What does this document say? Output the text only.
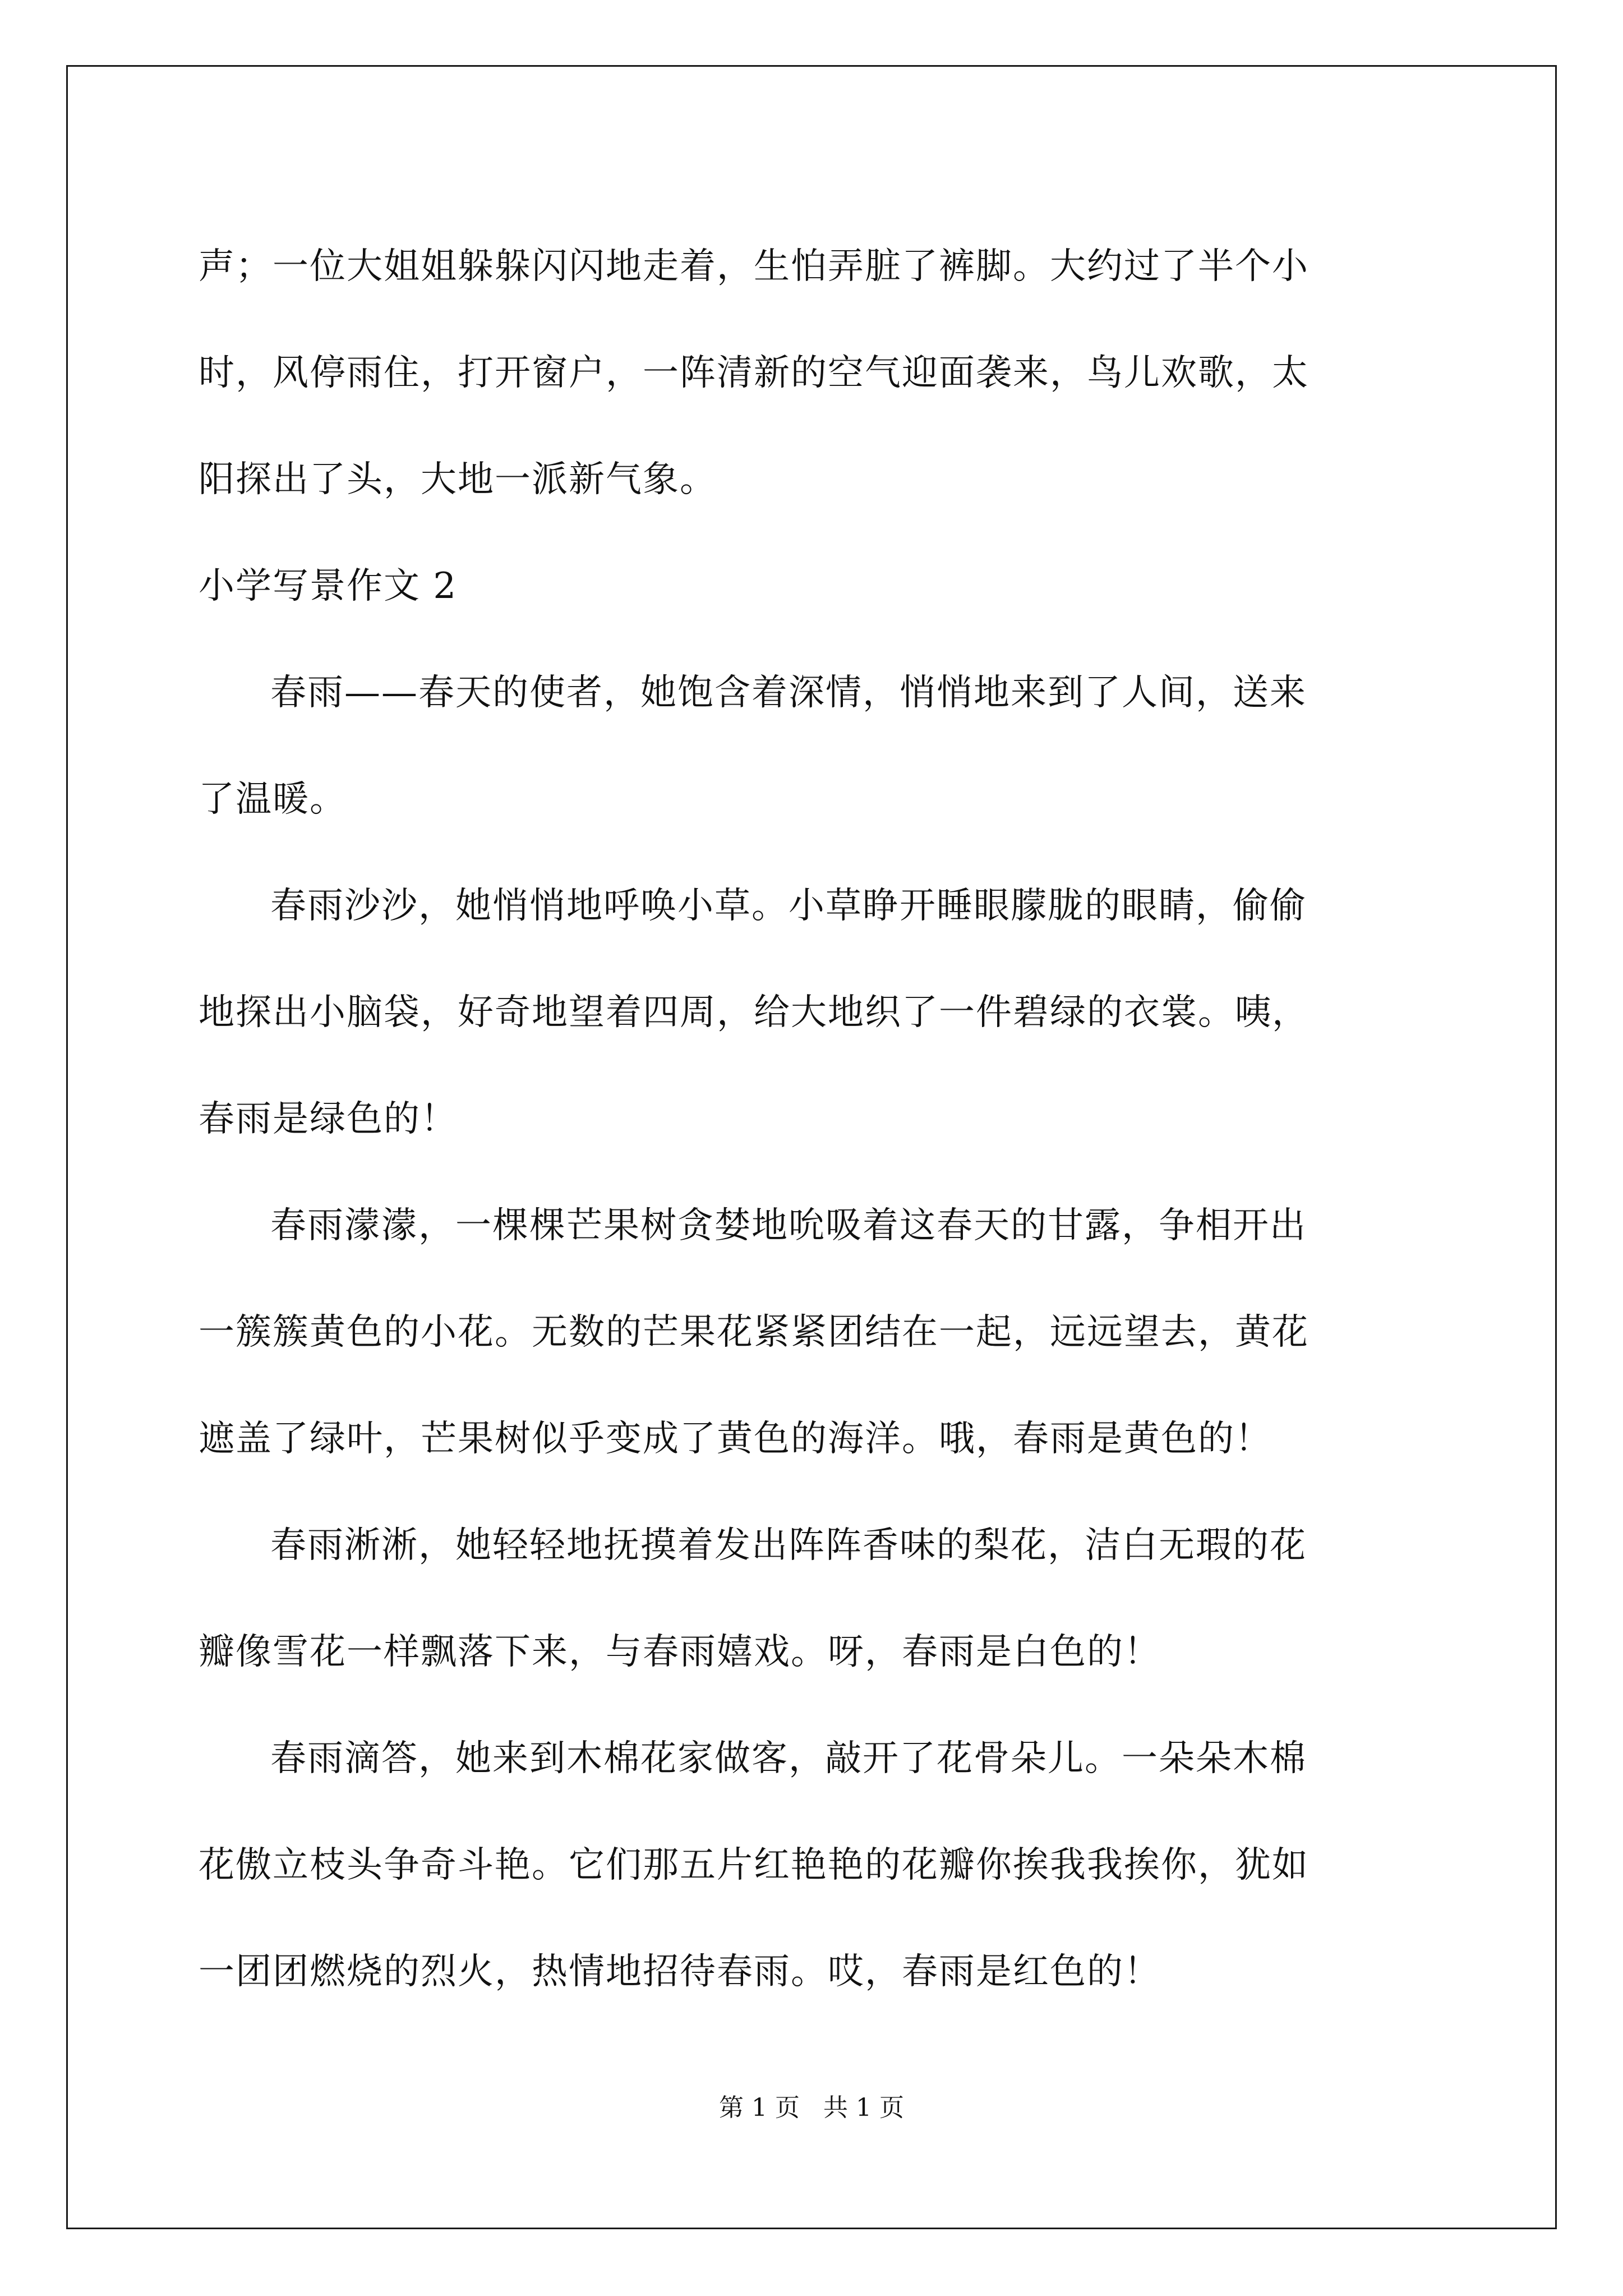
声；一位大姐姐躲躲闪闪地走着，生怕弄脏了裤脚。大约过了半个小

时，风停雨住，打开窗户，一阵清新的空气迎面袭来，鸟儿欢歌，太

阳探出了头，大地一派新气象。

小学写景作文 2

春雨——春天的使者，她饱含着深情，悄悄地来到了人间，送来

了温暖。

春雨沙沙，她悄悄地呼唤小草。小草睁开睡眼朦胧的眼睛，偷偷

地探出小脑袋，好奇地望着四周，给大地织了一件碧绿的衣裳。咦，

春雨是绿色的！

春雨濛濛，一棵棵芒果树贪婪地吮吸着这春天的甘露，争相开出

一簇簇黄色的小花。无数的芒果花紧紧团结在一起，远远望去，黄花

遮盖了绿叶，芒果树似乎变成了黄色的海洋。哦，春雨是黄色的！

春雨淅淅，她轻轻地抚摸着发出阵阵香味的梨花，洁白无瑕的花

瓣像雪花一样飘落下来，与春雨嬉戏。呀，春雨是白色的！

春雨滴答，她来到木棉花家做客，敲开了花骨朵儿。一朵朵木棉

花傲立枝头争奇斗艳。它们那五片红艳艳的花瓣你挨我我挨你，犹如

一团团燃烧的烈火，热情地招待春雨。哎，春雨是红色的！

第 1 页   共 1 页
